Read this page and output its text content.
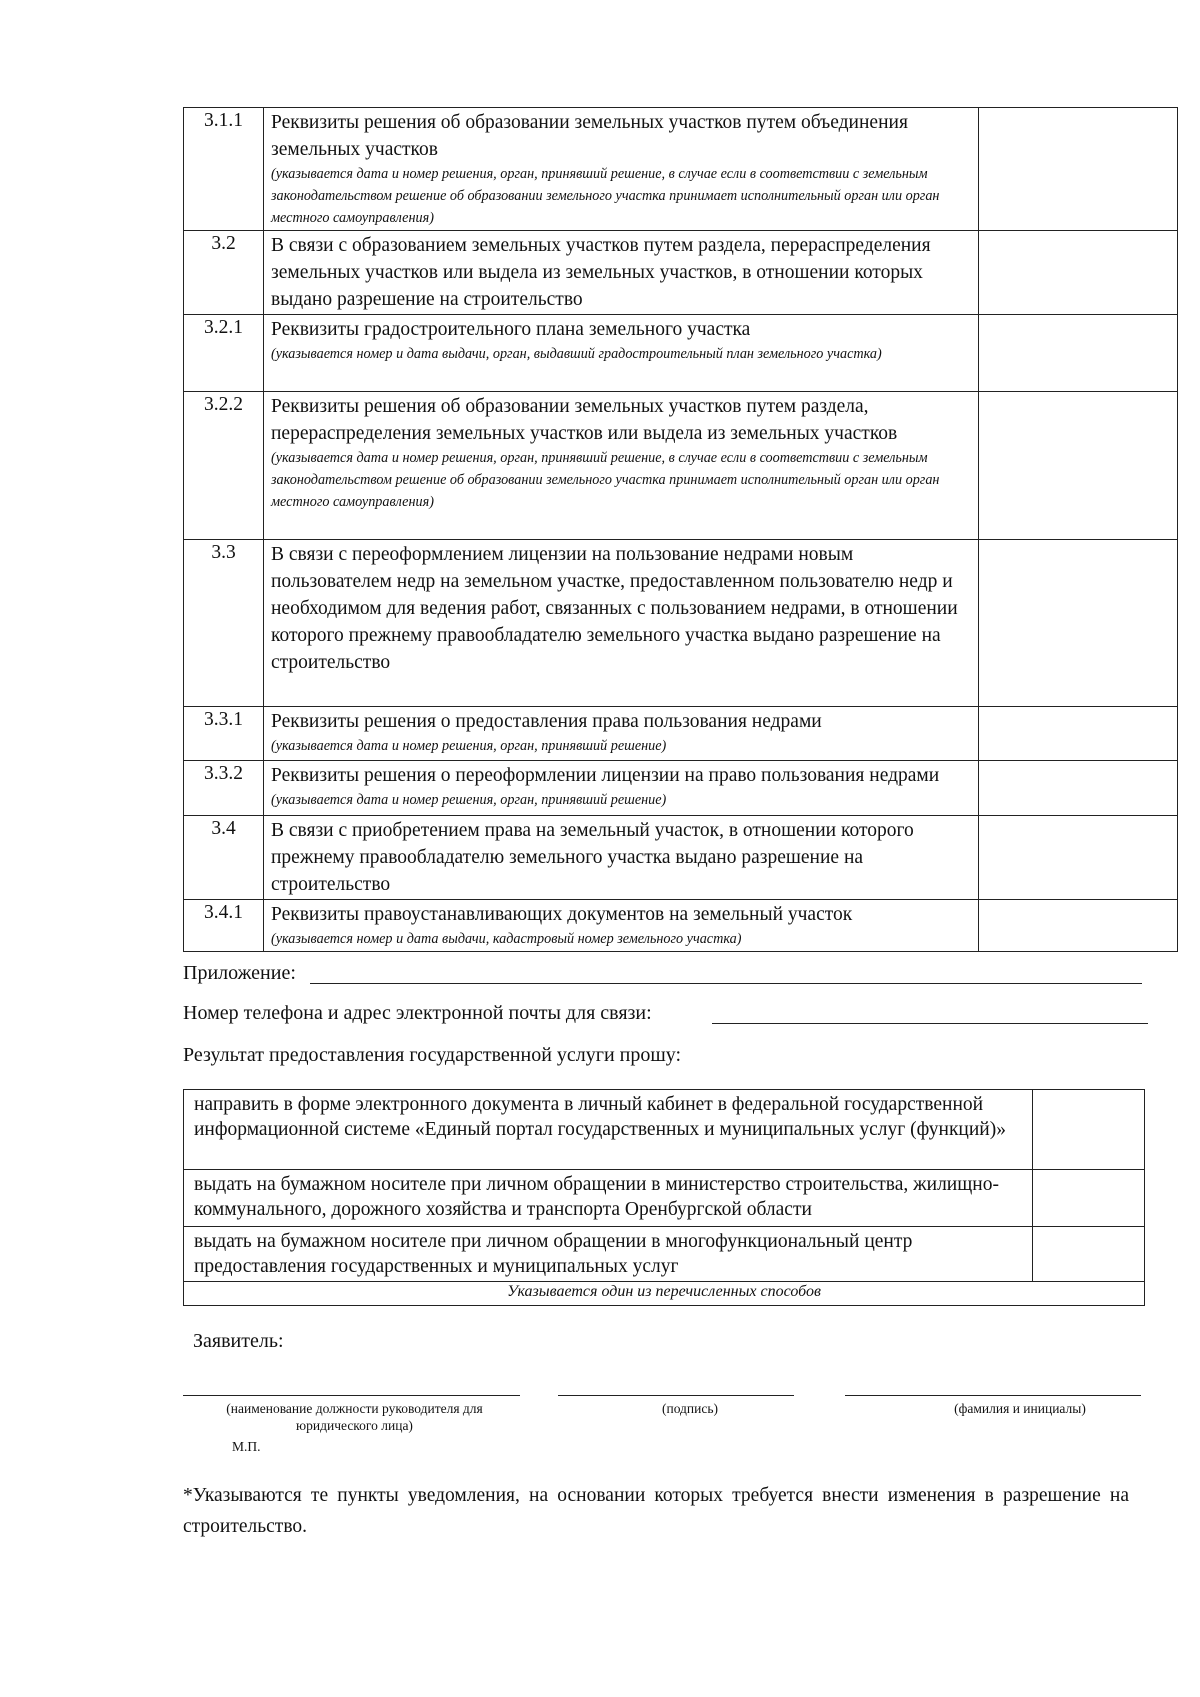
3.1.1	Реквизиты решения об образовании земельных участков путем объединения земельных участков
(указывается дата и номер решения, орган, принявший решение, в случае если в соответствии с земельным законодательством решение об образовании земельного участка принимает исполнительный орган или орган местного самоуправления)	

3.2	В связи с образованием земельных участков путем раздела, перераспределения земельных участков или выдела из земельных участков, в отношении которых выдано разрешение на строительство	

3.2.1	Реквизиты градостроительного плана земельного участка
(указывается номер и дата выдачи, орган, выдавший градостроительный план земельного участка)	

3.2.2	Реквизиты решения об образовании земельных участков путем раздела, перераспределения земельных участков или выдела из земельных участков
(указывается дата и номер решения, орган, принявший решение, в случае если в соответствии с земельным законодательством решение об образовании земельного участка принимает исполнительный орган или орган местного самоуправления)	

3.3	В связи с переоформлением лицензии на пользование недрами новым пользователем недр на земельном участке, предоставленном пользователю недр и необходимом для ведения работ, связанных с пользованием недрами, в отношении которого прежнему правообладателю земельного участка выдано разрешение на строительство	

3.3.1	Реквизиты решения о предоставления права пользования недрами
(указывается дата и номер решения, орган, принявший решение)	

3.3.2	Реквизиты решения о переоформлении лицензии на право пользования недрами
(указывается дата и номер решения, орган, принявший решение)	

3.4	В связи с приобретением права на земельный участок, в отношении которого прежнему правообладателю земельного участка выдано разрешение на строительство	

3.4.1	Реквизиты правоустанавливающих документов на земельный участок
(указывается номер и дата выдачи, кадастровый номер земельного участка)	

Приложение:
Номер телефона и адрес электронной почты для связи:
Результат предоставления государственной услуги прошу:
направить в форме электронного документа в личный кабинет в федеральной государственной информационной системе «Единый портал государственных и муниципальных услуг (функций)»	
выдать на бумажном носителе при личном обращении в министерство строительства, жилищно-коммунального, дорожного хозяйства и транспорта Оренбургской области	
выдать на бумажном носителе при личном обращении в многофункциональный центр предоставления государственных и муниципальных услуг	
Указывается один из перечисленных способов	
Заявитель:
(наименование должности руководителя для юридического лица)
(подпись)	(фамилия и инициалы)
М.П.
*Указываются те пункты уведомления, на основании которых требуется внести изменения в разрешение на строительство.
